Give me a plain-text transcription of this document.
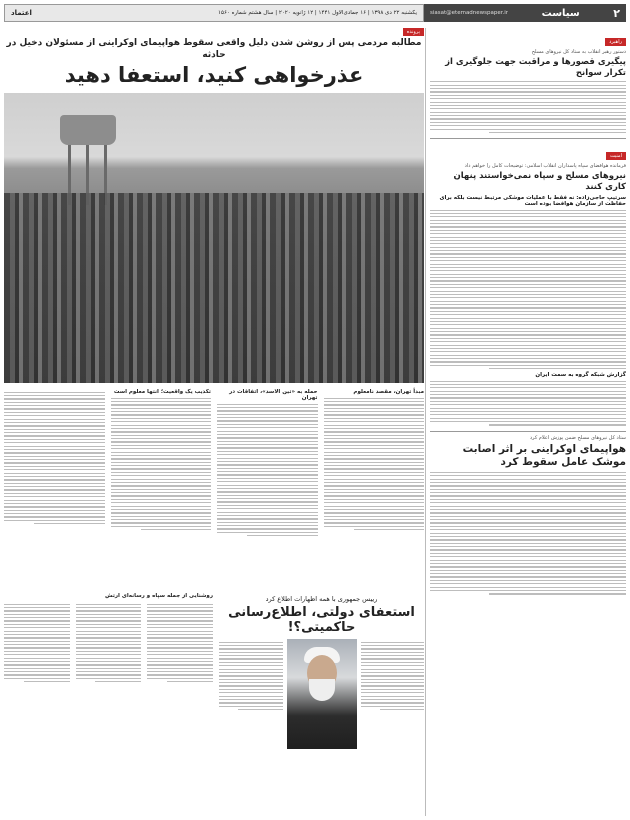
اعتماد	یکشنبه ۲۲ دی ۱۳۹۸ | ۱۶ جمادی‌الاول ۱۴۴۱ | ۱۲ ژانویه ۲۰۲۰ | سال هشتم شماره ۱۵۶۰ siasat@etemadnewspaper.ir	سیاست	۲
راهبرد
دستور رهبر انقلاب به ستاد کل نیروهای مسلح
پیگیری قصورها و مراقبت جهت جلوگیری از تکرار سوانح
امنیت
فرمانده هوافضای سپاه پاسداران انقلاب اسلامی: توضیحات کامل را خواهم داد
نیروهای مسلح و سپاه نمی‌خواستند پنهان کاری کنند
سرتیپ حاجی‌زاده: نه فقط با عملیات موشکی مرتبط نیست بلکه برای حفاظت از سازمان هوافضا بوده است
گزارش شبکه گروه به سمت ایران
ستاد کل نیروهای مسلح ضمن پوزش اعلام کرد
هواپیمای اوکراینی بر اثر اصابت موشک عامل سقوط کرد
پرونده
مطالبه مردمی پس از روشن شدن دلیل واقعی سقوط هواپیمای اوکراینی از مسئولان دخیل در حادثه
عذرخواهی کنید، استعفا دهید
مبدأ تهران، مقصد نامعلوم
حمله به «تین الاسد»، اتفاقات در تهران
تکذیب یک واقعیت؛ انتها معلوم است
رییس جمهوری با همه اظهارات اطلاع کرد
استعفای دولتی، اطلاع‌رسانی حاکمیتی؟!
روشنایی از جمله سپاه و رسانه‌ای ارتش
